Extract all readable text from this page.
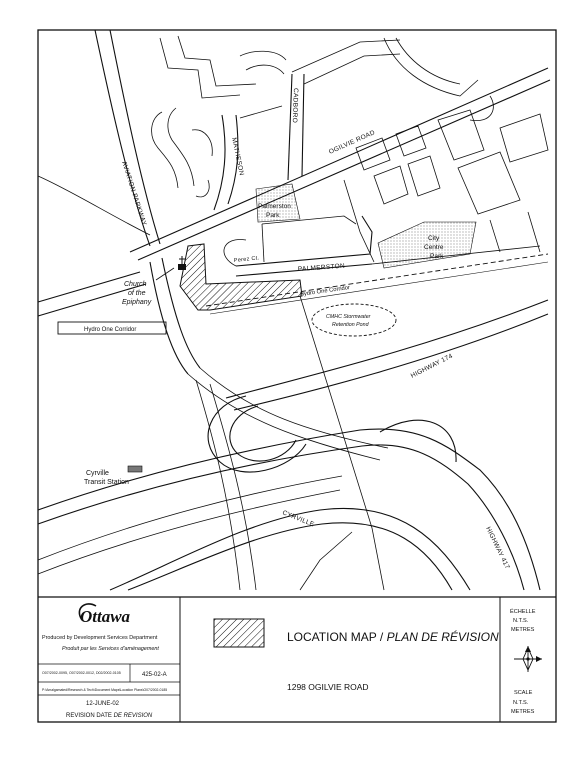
OGILVIE ROAD
AVIATION PARKWAY
MATHESON
CADBORO
PALMERSTON
Perez Ct.
HIGHWAY 174
HIGHWAY 417
CYRVILLE
Palmerston
Park
City
Centre
Park
Hydro One Corridor
Hydro One Corridor
Church
of the
Epiphany
CMHC Stormwater
Retention Pond
Cyrville
Transit Station
Ottawa
Produced by Development Services Department
Produit par les Services d'aménagement
O07/2002-0095, O07/2002-0012, D02/2002-0105	425-02-A
P:\Amalgamated\Research & Tech\Document Maps\Location Plans\O07/2002-0185
12-JUNE-02
REVISION DATE DE REVISION
LOCATION MAP / PLAN DE RÉVISION
1298 OGILVIE ROAD
ÉCHELLE
N.T.S.
METRES
SCALE
N.T.S.
METRES
